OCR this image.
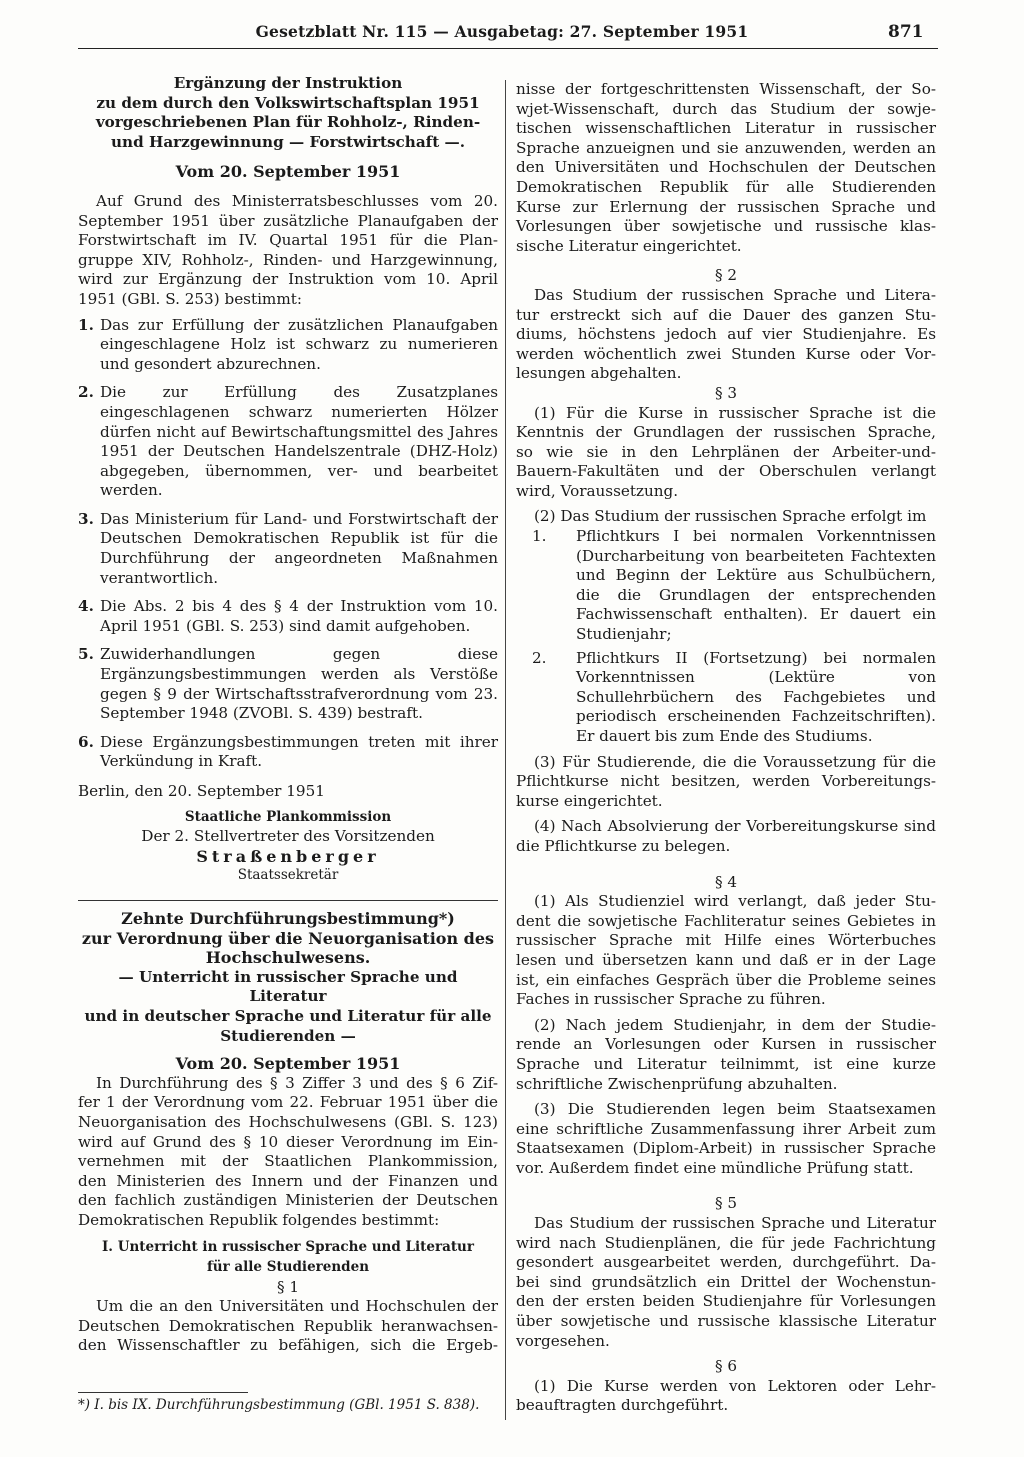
Gesetzblatt Nr. 115 — Ausgabetag: 27. September 1951	871
Ergänzung der Instruktion
zu dem durch den Volkswirtschaftsplan 1951
vorgeschriebenen Plan für Rohholz-, Rinden-
und Harzgewinnung — Forstwirtschaft —.
Vom 20. September 1951
Auf Grund des Ministerratsbeschlusses vom 20.
September 1951 über zusätzliche Planaufgaben der
Forstwirtschaft im IV. Quartal 1951 für die Plan-
gruppe XIV, Rohholz-, Rinden- und Harzgewinnung,
wird zur Ergänzung der Instruktion vom 10. April
1951 (GBl. S. 253) bestimmt:
1. Das zur Erfüllung der zusätzlichen Planaufgaben eingeschlagene Holz ist schwarz zu numerieren und gesondert abzurechnen.
2. Die zur Erfüllung des Zusatzplanes eingeschlagenen schwarz numerierten Hölzer dürfen nicht auf Bewirtschaftungsmittel des Jahres 1951 der Deutschen Handelszentrale (DHZ-Holz) abgegeben, übernommen, ver- und bearbeitet werden.
3. Das Ministerium für Land- und Forstwirtschaft der Deutschen Demokratischen Republik ist für die Durchführung der angeordneten Maßnahmen verantwortlich.
4. Die Abs. 2 bis 4 des § 4 der Instruktion vom 10. April 1951 (GBl. S. 253) sind damit aufgehoben.
5. Zuwiderhandlungen gegen diese Ergänzungsbestimmungen werden als Verstöße gegen § 9 der Wirtschaftsstrafverordnung vom 23. September 1948 (ZVOBl. S. 439) bestraft.
6. Diese Ergänzungsbestimmungen treten mit ihrer Verkündung in Kraft.
Berlin, den 20. September 1951
Staatliche Plankommission
Der 2. Stellvertreter des Vorsitzenden
Straßenberger
Staatssekretär
Zehnte Durchführungsbestimmung*)
zur Verordnung über die Neuorganisation des
Hochschulwesens.
— Unterricht in russischer Sprache und Literatur
und in deutscher Sprache und Literatur für alle
Studierenden —
Vom 20. September 1951
In Durchführung des § 3 Ziffer 3 und des § 6 Zif-
fer 1 der Verordnung vom 22. Februar 1951 über die
Neuorganisation des Hochschulwesens (GBl. S. 123)
wird auf Grund des § 10 dieser Verordnung im Ein-
vernehmen mit der Staatlichen Plankommission,
den Ministerien des Innern und der Finanzen und
den fachlich zuständigen Ministerien der Deutschen
Demokratischen Republik folgendes bestimmt:
I. Unterricht in russischer Sprache und Literatur
für alle Studierenden
§ 1
Um die an den Universitäten und Hochschulen der
Deutschen Demokratischen Republik heranwachsen-
den Wissenschaftler zu befähigen, sich die Ergeb-
*) I. bis IX. Durchführungsbestimmung (GBl. 1951 S. 838).
nisse der fortgeschrittensten Wissenschaft, der So-
wjet-Wissenschaft, durch das Studium der sowje-
tischen wissenschaftlichen Literatur in russischer
Sprache anzueignen und sie anzuwenden, werden an
den Universitäten und Hochschulen der Deutschen
Demokratischen Republik für alle Studierenden
Kurse zur Erlernung der russischen Sprache und
Vorlesungen über sowjetische und russische klas-
sische Literatur eingerichtet.
§ 2
Das Studium der russischen Sprache und Litera-
tur erstreckt sich auf die Dauer des ganzen Stu-
diums, höchstens jedoch auf vier Studienjahre. Es
werden wöchentlich zwei Stunden Kurse oder Vor-
lesungen abgehalten.
§ 3
(1) Für die Kurse in russischer Sprache ist die
Kenntnis der Grundlagen der russischen Sprache,
so wie sie in den Lehrplänen der Arbeiter-und-
Bauern-Fakultäten und der Oberschulen verlangt
wird, Voraussetzung.
(2) Das Studium der russischen Sprache erfolgt im
1.	Pflichtkurs I bei normalen Vorkenntnissen (Durcharbeitung von bearbeiteten Fachtexten und Beginn der Lektüre aus Schulbüchern, die die Grundlagen der entsprechenden Fachwissenschaft enthalten). Er dauert ein Studienjahr;
2.	Pflichtkurs II (Fortsetzung) bei normalen Vorkenntnissen (Lektüre von Schullehrbüchern des Fachgebietes und periodisch erscheinenden Fachzeitschriften). Er dauert bis zum Ende des Studiums.
(3) Für Studierende, die die Voraussetzung für die
Pflichtkurse nicht besitzen, werden Vorbereitungs-
kurse eingerichtet.
(4) Nach Absolvierung der Vorbereitungskurse sind
die Pflichtkurse zu belegen.
§ 4
(1) Als Studienziel wird verlangt, daß jeder Stu-
dent die sowjetische Fachliteratur seines Gebietes in
russischer Sprache mit Hilfe eines Wörterbuches
lesen und übersetzen kann und daß er in der Lage
ist, ein einfaches Gespräch über die Probleme seines
Faches in russischer Sprache zu führen.
(2) Nach jedem Studienjahr, in dem der Studie-
rende an Vorlesungen oder Kursen in russischer
Sprache und Literatur teilnimmt, ist eine kurze
schriftliche Zwischenprüfung abzuhalten.
(3) Die Studierenden legen beim Staatsexamen
eine schriftliche Zusammenfassung ihrer Arbeit zum
Staatsexamen (Diplom-Arbeit) in russischer Sprache
vor. Außerdem findet eine mündliche Prüfung statt.
§ 5
Das Studium der russischen Sprache und Literatur
wird nach Studienplänen, die für jede Fachrichtung
gesondert ausgearbeitet werden, durchgeführt. Da-
bei sind grundsätzlich ein Drittel der Wochenstun-
den der ersten beiden Studienjahre für Vorlesungen
über sowjetische und russische klassische Literatur
vorgesehen.
§ 6
(1) Die Kurse werden von Lektoren oder Lehr-
beauftragten durchgeführt.
